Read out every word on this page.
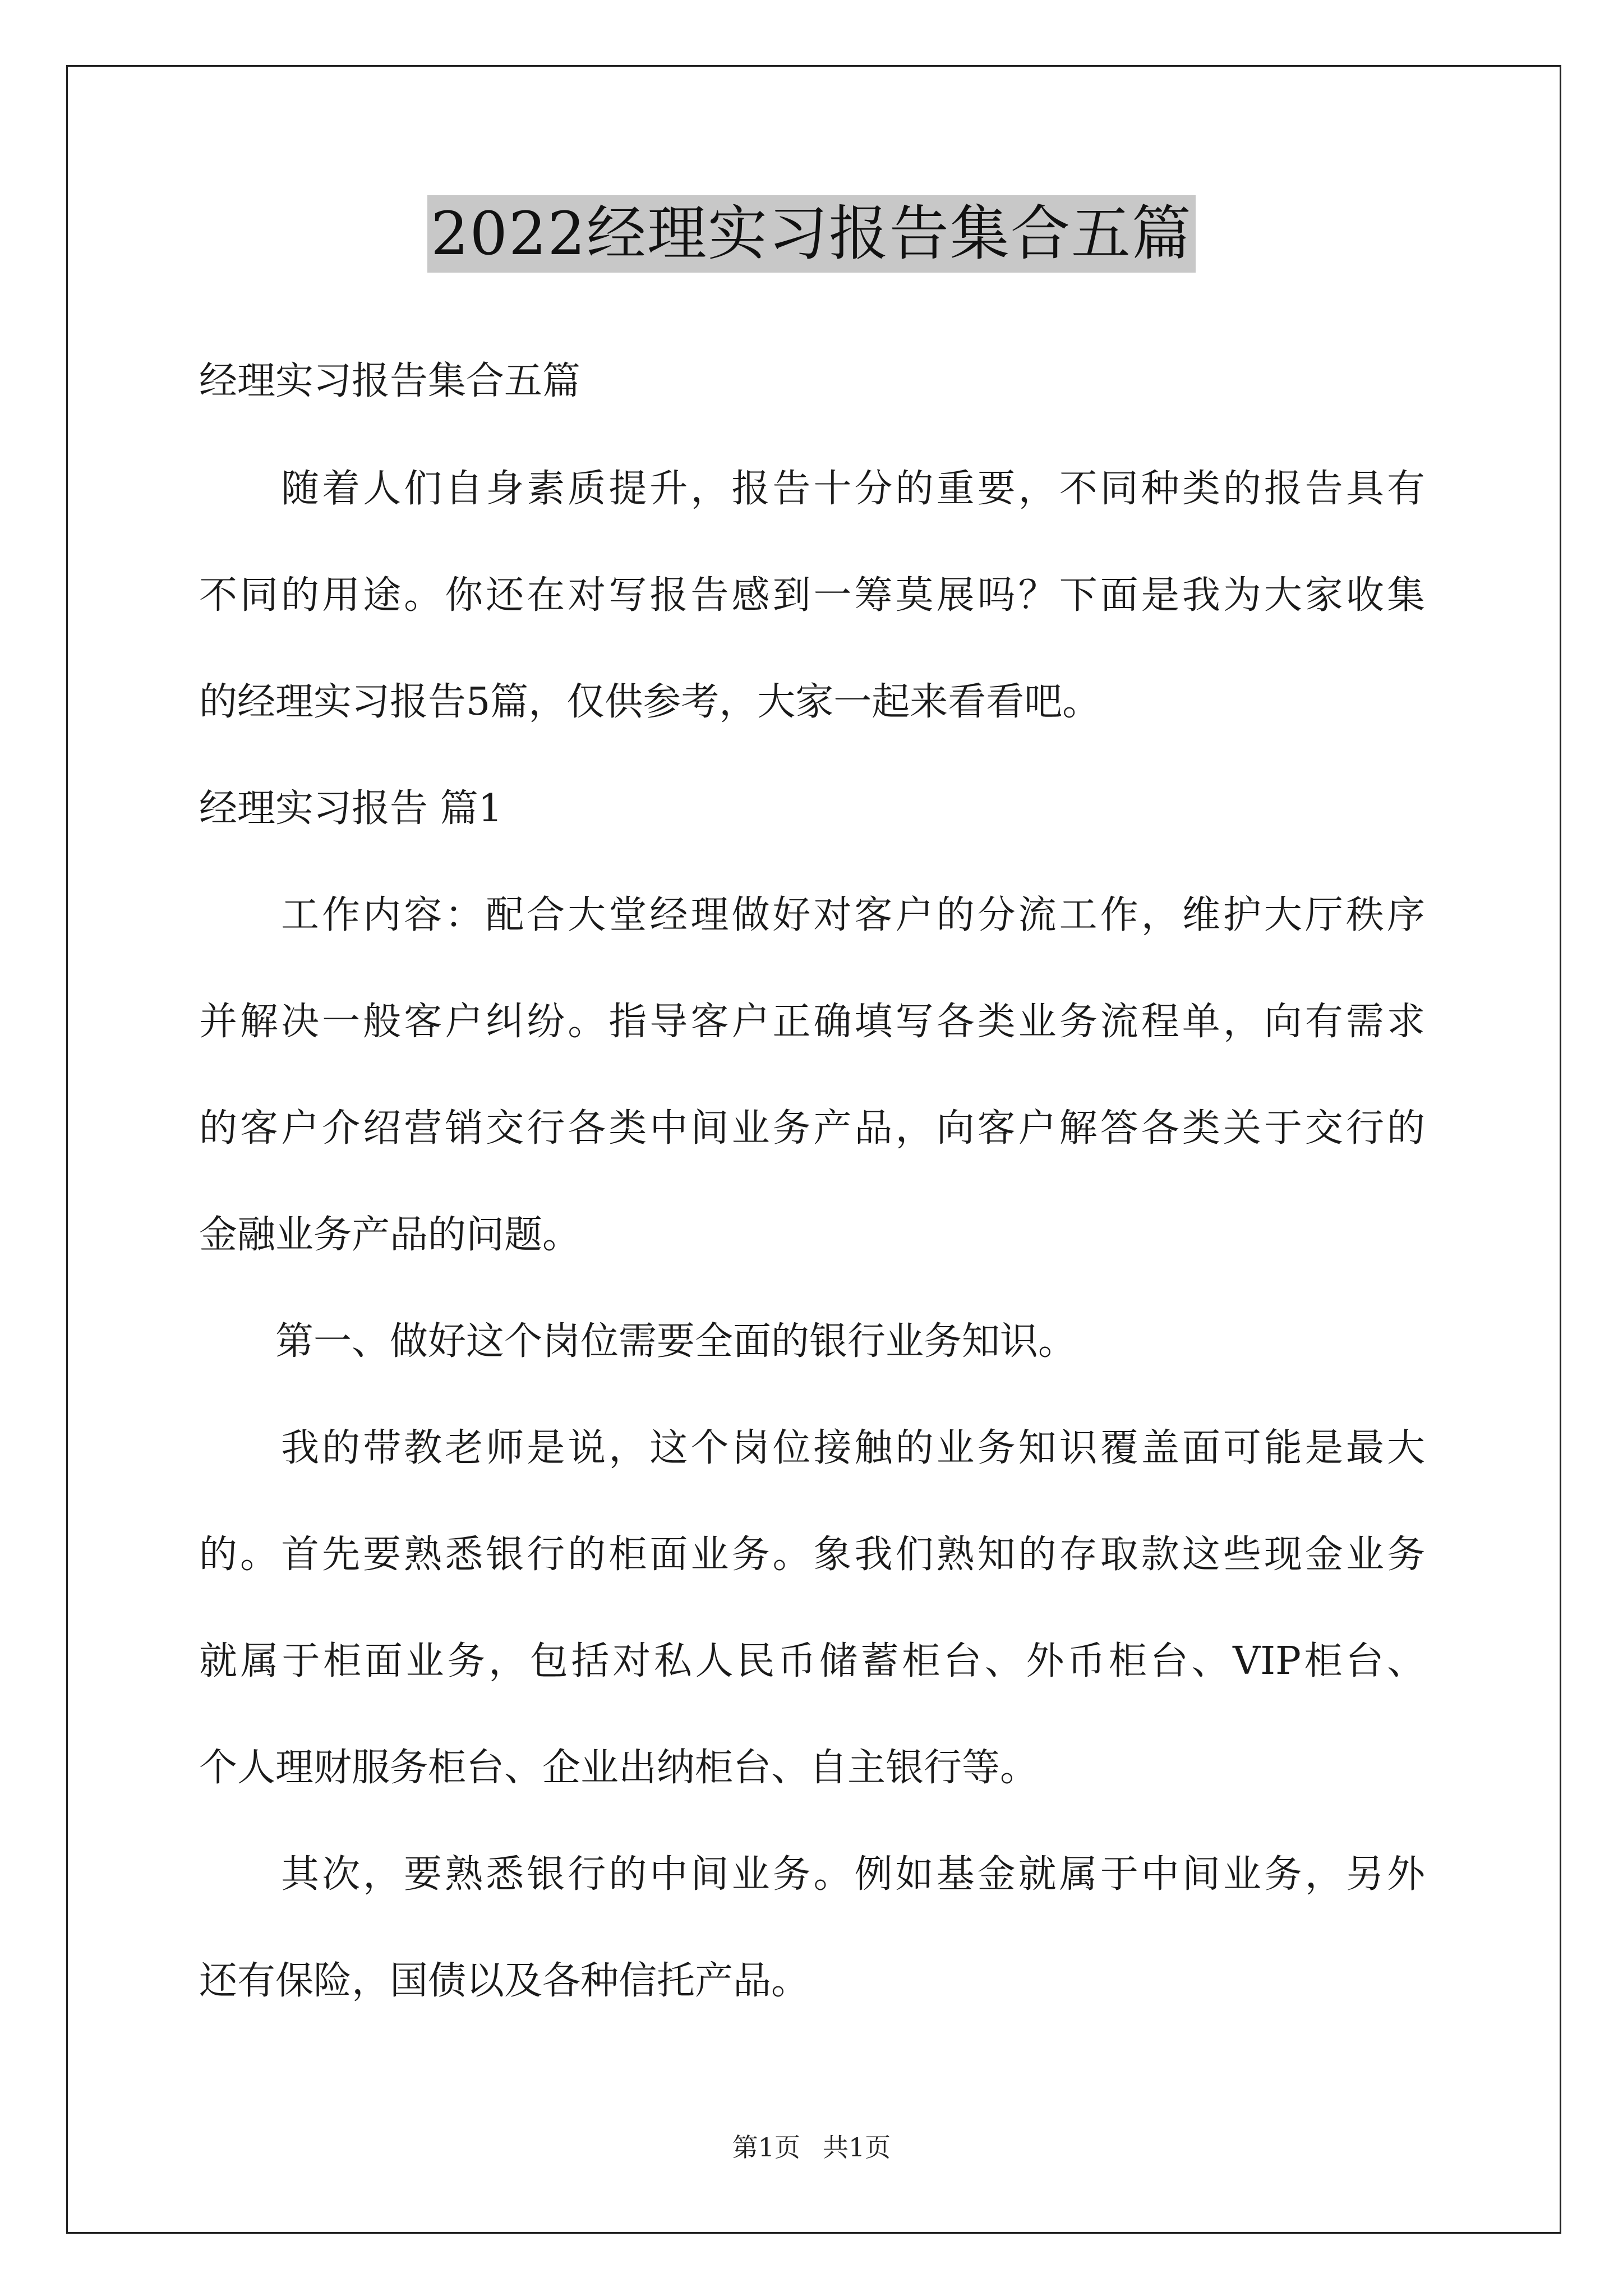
2022经理实习报告集合五篇
经理实习报告集合五篇
　　随着人们自身素质提升，报告十分的重要，不同种类的报告具有
不同的用途。你还在对写报告感到一筹莫展吗？下面是我为大家收集
的经理实习报告5篇，仅供参考，大家一起来看看吧。
经理实习报告 篇1
　　工作内容：配合大堂经理做好对客户的分流工作，维护大厅秩序
并解决一般客户纠纷。指导客户正确填写各类业务流程单，向有需求
的客户介绍营销交行各类中间业务产品，向客户解答各类关于交行的
金融业务产品的问题。
　　第一、做好这个岗位需要全面的银行业务知识。
　　我的带教老师是说，这个岗位接触的业务知识覆盖面可能是最大
的。首先要熟悉银行的柜面业务。象我们熟知的存取款这些现金业务
就属于柜面业务，包括对私人民币储蓄柜台、外币柜台、VIP柜台、
个人理财服务柜台、企业出纳柜台、自主银行等。
　　其次，要熟悉银行的中间业务。例如基金就属于中间业务，另外
还有保险，国债以及各种信托产品。
第1页 共1页
